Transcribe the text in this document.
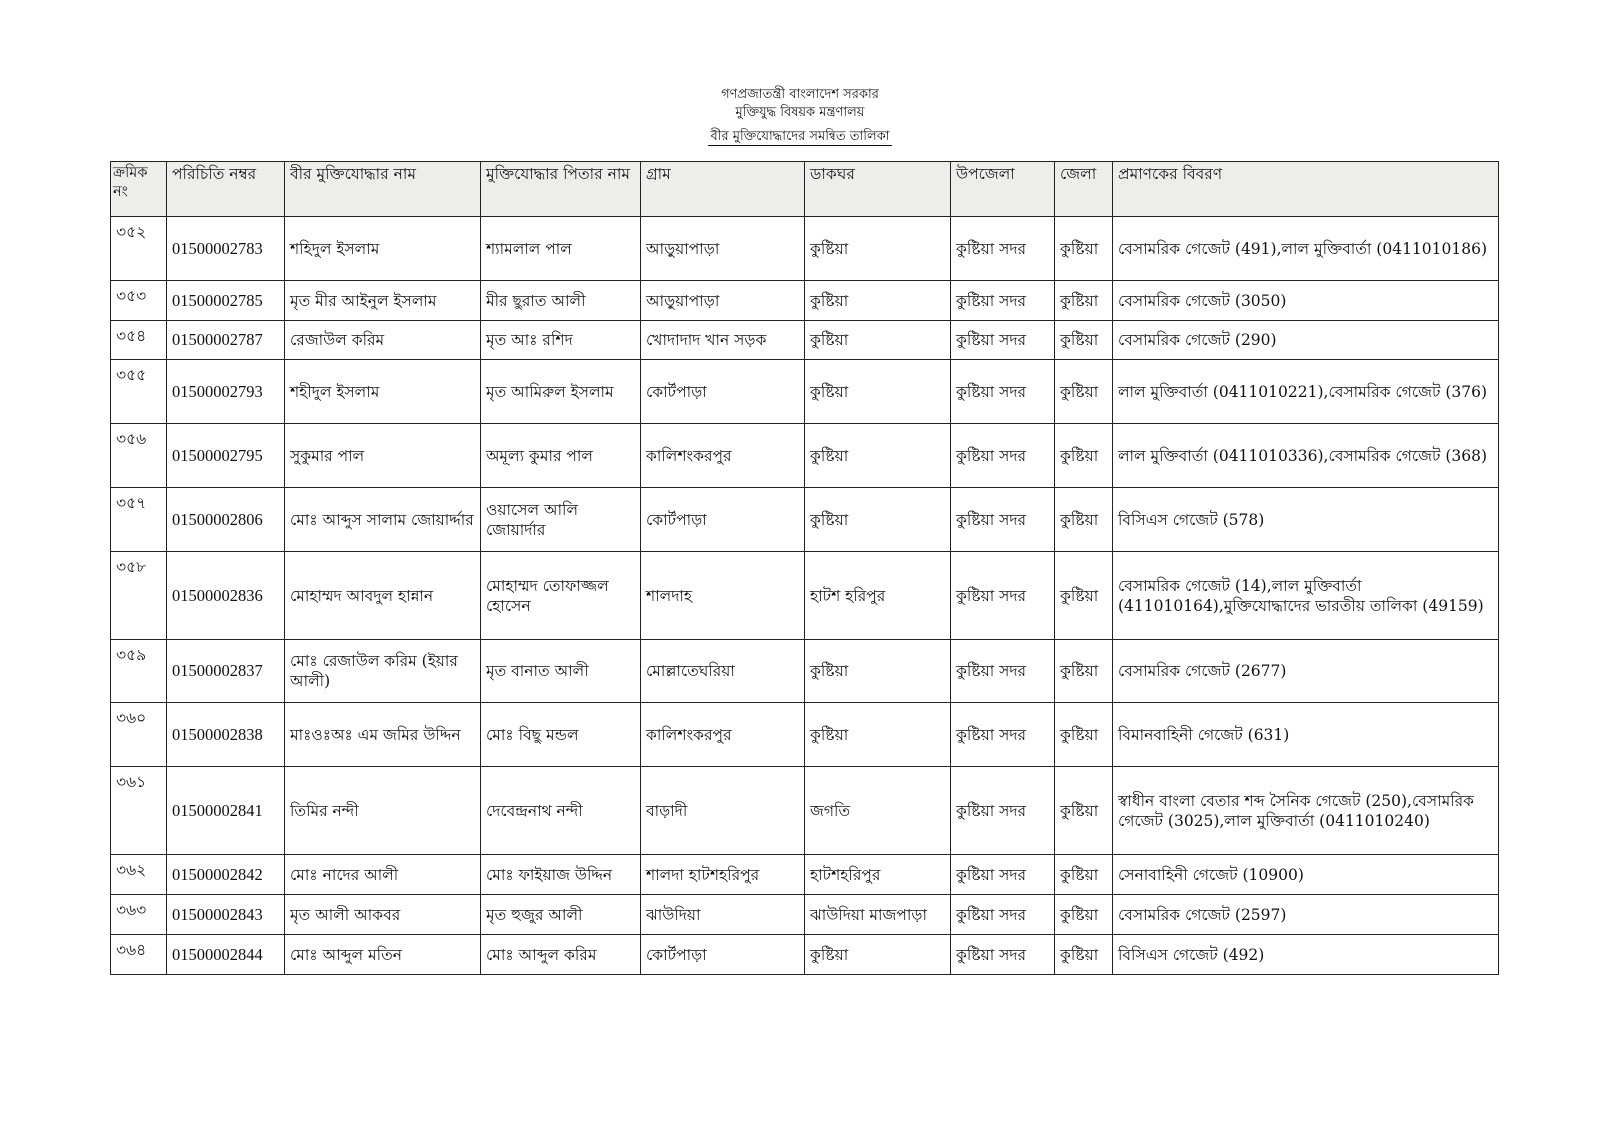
গণপ্রজাতন্ত্রী বাংলাদেশ সরকার
মুক্তিযুদ্ধ বিষয়ক মন্ত্রণালয়
বীর মুক্তিযোদ্ধাদের সমন্বিত তালিকা
ক্রমিক নং	পরিচিতি নম্বর	বীর মুক্তিযোদ্ধার নাম	মুক্তিযোদ্ধার পিতার নাম	গ্রাম	ডাকঘর	উপজেলা	জেলা	প্রমাণকের বিবরণ
৩৫২	01500002783	শহিদুল ইসলাম	শ্যামলাল পাল	আড়ুয়াপাড়া	কুষ্টিয়া	কুষ্টিয়া সদর	কুষ্টিয়া	বেসামরিক গেজেট (491),লাল মুক্তিবার্তা (0411010186)
৩৫৩	01500002785	মৃত মীর আইনুল ইসলাম	মীর ছুরাত আলী	আড়ুয়াপাড়া	কুষ্টিয়া	কুষ্টিয়া সদর	কুষ্টিয়া	বেসামরিক গেজেট (3050)
৩৫৪	01500002787	রেজাউল করিম	মৃত আঃ রশিদ	খোদাদাদ খান সড়ক	কুষ্টিয়া	কুষ্টিয়া সদর	কুষ্টিয়া	বেসামরিক গেজেট (290)
৩৫৫	01500002793	শহীদুল ইসলাম	মৃত আমিরুল ইসলাম	কোর্টপাড়া	কুষ্টিয়া	কুষ্টিয়া সদর	কুষ্টিয়া	লাল মুক্তিবার্তা (0411010221),বেসামরিক গেজেট (376)
৩৫৬	01500002795	সুকুমার পাল	অমূল্য কুমার পাল	কালিশংকরপুর	কুষ্টিয়া	কুষ্টিয়া সদর	কুষ্টিয়া	লাল মুক্তিবার্তা (0411010336),বেসামরিক গেজেট (368)
৩৫৭	01500002806	মোঃ আব্দুস সালাম জোয়ার্দ্দার	ওয়াসেল আলি জোয়ার্দার	কোর্টপাড়া	কুষ্টিয়া	কুষ্টিয়া সদর	কুষ্টিয়া	বিসিএস গেজেট (578)
৩৫৮	01500002836	মোহাম্মদ আবদুল হান্নান	মোহাম্মদ তোফাজ্জল হোসেন	শালদাহ	হাটশ হরিপুর	কুষ্টিয়া সদর	কুষ্টিয়া	বেসামরিক গেজেট (14),লাল মুক্তিবার্তা (411010164),মুক্তিযোদ্ধাদের ভারতীয় তালিকা (49159)
৩৫৯	01500002837	মোঃ রেজাউল করিম (ইয়ার আলী)	মৃত বানাত আলী	মোল্লাতেঘরিয়া	কুষ্টিয়া	কুষ্টিয়া সদর	কুষ্টিয়া	বেসামরিক গেজেট (2677)
৩৬০	01500002838	মাঃওঃঅঃ এম জমির উদ্দিন	মোঃ বিছু মন্ডল	কালিশংকরপুর	কুষ্টিয়া	কুষ্টিয়া সদর	কুষ্টিয়া	বিমানবাহিনী গেজেট (631)
৩৬১	01500002841	তিমির নন্দী	দেবেন্দ্রনাথ নন্দী	বাড়াদী	জগতি	কুষ্টিয়া সদর	কুষ্টিয়া	স্বাধীন বাংলা বেতার শব্দ সৈনিক গেজেট (250),বেসামরিক গেজেট (3025),লাল মুক্তিবার্তা (0411010240)
৩৬২	01500002842	মোঃ নাদের আলী	মোঃ ফাইয়াজ উদ্দিন	শালদা হাটশহরিপুর	হাটশহরিপুর	কুষ্টিয়া সদর	কুষ্টিয়া	সেনাবাহিনী গেজেট (10900)
৩৬৩	01500002843	মৃত আলী আকবর	মৃত হুজুর আলী	ঝাউদিয়া	ঝাউদিয়া মাজপাড়া	কুষ্টিয়া সদর	কুষ্টিয়া	বেসামরিক গেজেট (2597)
৩৬৪	01500002844	মোঃ আব্দুল মতিন	মোঃ আব্দুল করিম	কোর্টপাড়া	কুষ্টিয়া	কুষ্টিয়া সদর	কুষ্টিয়া	বিসিএস গেজেট (492)
